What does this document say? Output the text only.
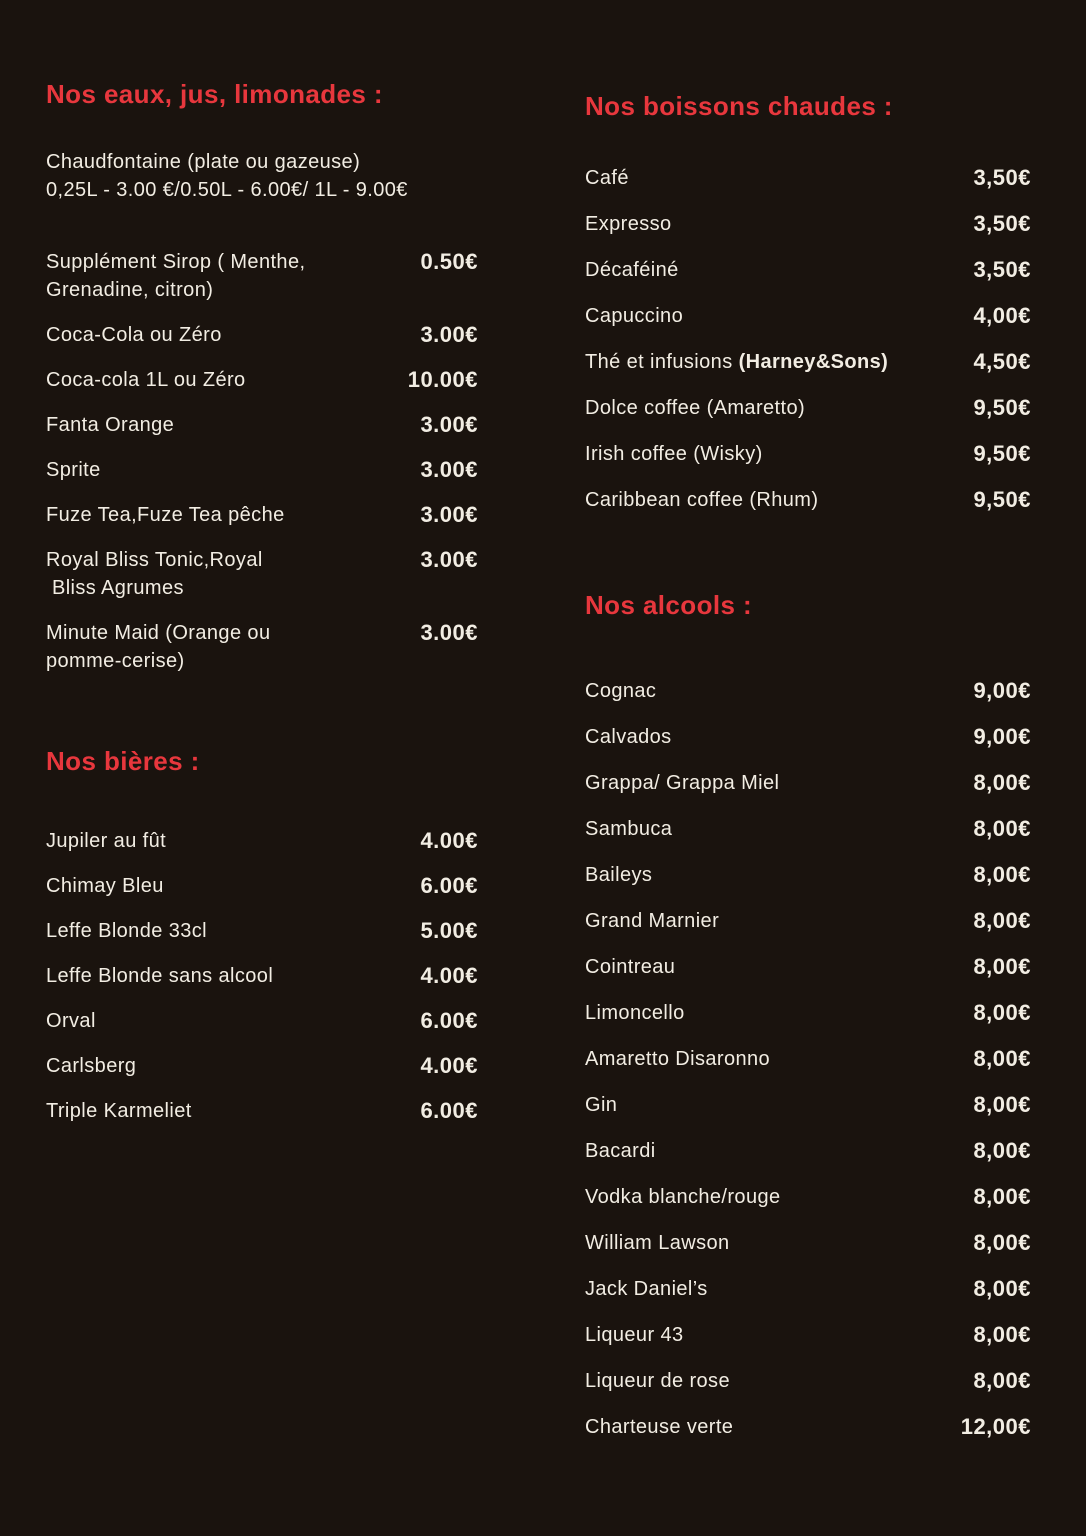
Nos eaux, jus, limonades :
Chaudfontaine (plate ou gazeuse)
0,25L - 3.00 €/0.50L - 6.00€/ 1L - 9.00€
Supplément Sirop ( Menthe,
Grenadine, citron)
0.50€
Coca-Cola ou Zéro	3.00€
Coca-cola 1L ou Zéro	10.00€
Fanta Orange	3.00€
Sprite	3.00€
Fuze Tea,Fuze Tea pêche	3.00€
Royal Bliss Tonic,Royal
Bliss Agrumes
3.00€
Minute Maid (Orange ou
pomme-cerise)
3.00€
Nos bières :
Jupiler au fût	4.00€
Chimay Bleu	6.00€
Leffe Blonde 33cl	5.00€
Leffe Blonde sans alcool	4.00€
Orval	6.00€
Carlsberg	4.00€
Triple Karmeliet	6.00€
Nos boissons chaudes :
Café	3,50€
Expresso	3,50€
Décaféiné	3,50€
Capuccino	4,00€
Thé et infusions (Harney&Sons)	4,50€
Dolce coffee (Amaretto)	9,50€
Irish coffee (Wisky)	9,50€
Caribbean coffee (Rhum)	9,50€
Nos alcools :
Cognac	9,00€
Calvados	9,00€
Grappa/ Grappa Miel	8,00€
Sambuca	8,00€
Baileys	8,00€
Grand Marnier	8,00€
Cointreau	8,00€
Limoncello	8,00€
Amaretto Disaronno	8,00€
Gin	8,00€
Bacardi	8,00€
Vodka blanche/rouge	8,00€
William Lawson	8,00€
Jack Daniel’s	8,00€
Liqueur 43	8,00€
Liqueur de rose	8,00€
Charteuse verte	12,00€
